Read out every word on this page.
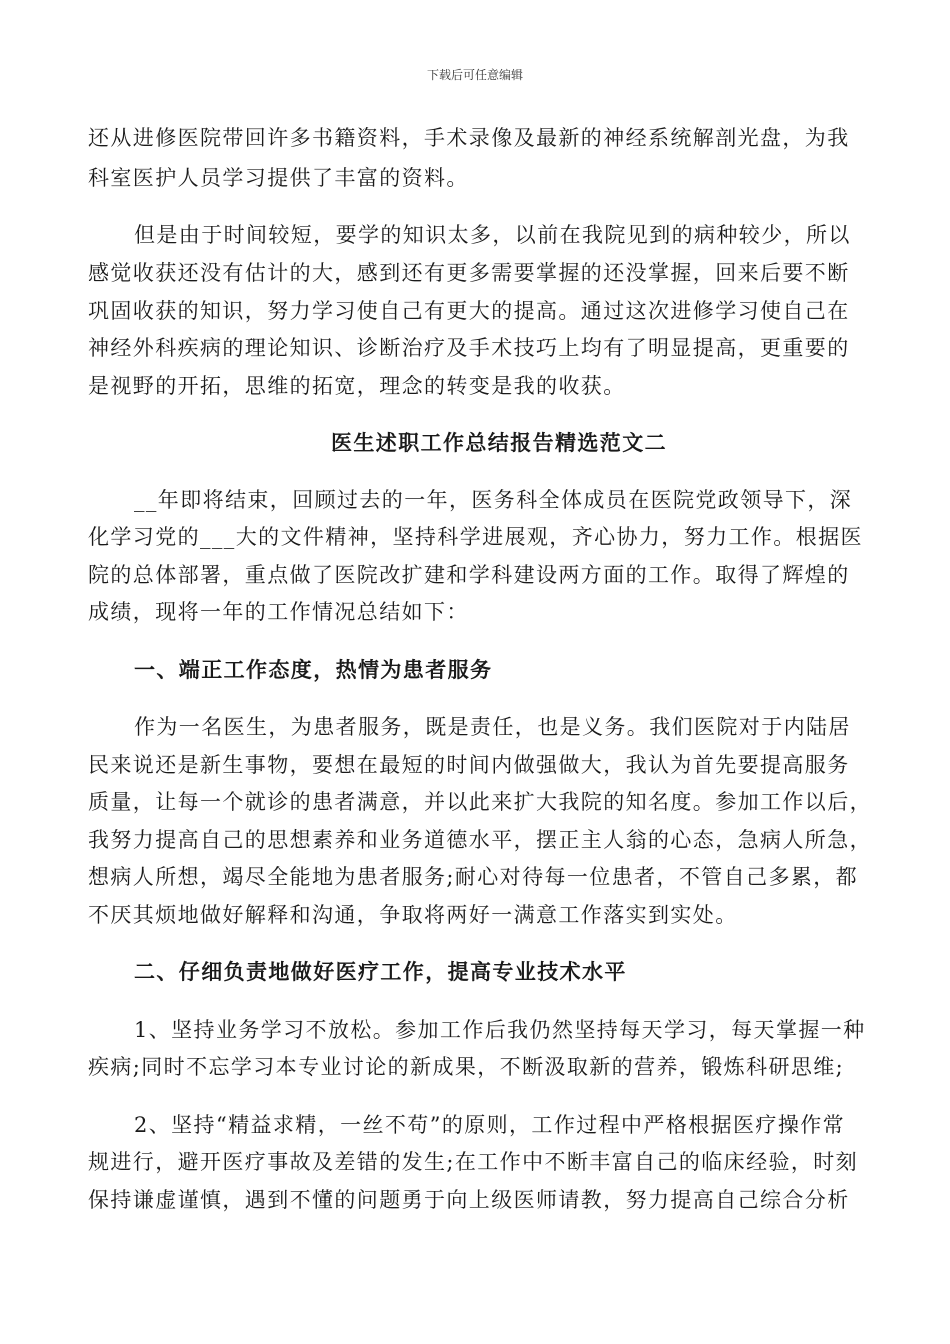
下载后可任意编辑
还从进修医院带回许多书籍资料，手术录像及最新的神经系统解剖光盘，为我
科室医护人员学习提供了丰富的资料。
但是由于时间较短，要学的知识太多，以前在我院见到的病种较少，所以
感觉收获还没有估计的大，感到还有更多需要掌握的还没掌握，回来后要不断
巩固收获的知识，努力学习使自己有更大的提高。通过这次进修学习使自己在
神经外科疾病的理论知识、诊断治疗及手术技巧上均有了明显提高，更重要的
是视野的开拓，思维的拓宽，理念的转变是我的收获。
医生述职工作总结报告精选范文二
__年即将结束，回顾过去的一年，医务科全体成员在医院党政领导下，深
化学习党的___大的文件精神，坚持科学进展观，齐心协力，努力工作。根据医
院的总体部署，重点做了医院改扩建和学科建设两方面的工作。取得了辉煌的
成绩，现将一年的工作情况总结如下：
一、端正工作态度，热情为患者服务
作为一名医生，为患者服务，既是责任，也是义务。我们医院对于内陆居
民来说还是新生事物，要想在最短的时间内做强做大，我认为首先要提高服务
质量，让每一个就诊的患者满意，并以此来扩大我院的知名度。参加工作以后，
我努力提高自己的思想素养和业务道德水平，摆正主人翁的心态，急病人所急，
想病人所想，竭尽全能地为患者服务;耐心对待每一位患者，不管自己多累，都
不厌其烦地做好解释和沟通，争取将两好一满意工作落实到实处。
二、仔细负责地做好医疗工作，提高专业技术水平
1、坚持业务学习不放松。参加工作后我仍然坚持每天学习，每天掌握一种
疾病;同时不忘学习本专业讨论的新成果，不断汲取新的营养，锻炼科研思维;
2、坚持“精益求精，一丝不苟”的原则，工作过程中严格根据医疗操作常
规进行，避开医疗事故及差错的发生;在工作中不断丰富自己的临床经验，时刻
保持谦虚谨慎，遇到不懂的问题勇于向上级医师请教，努力提高自己综合分析
